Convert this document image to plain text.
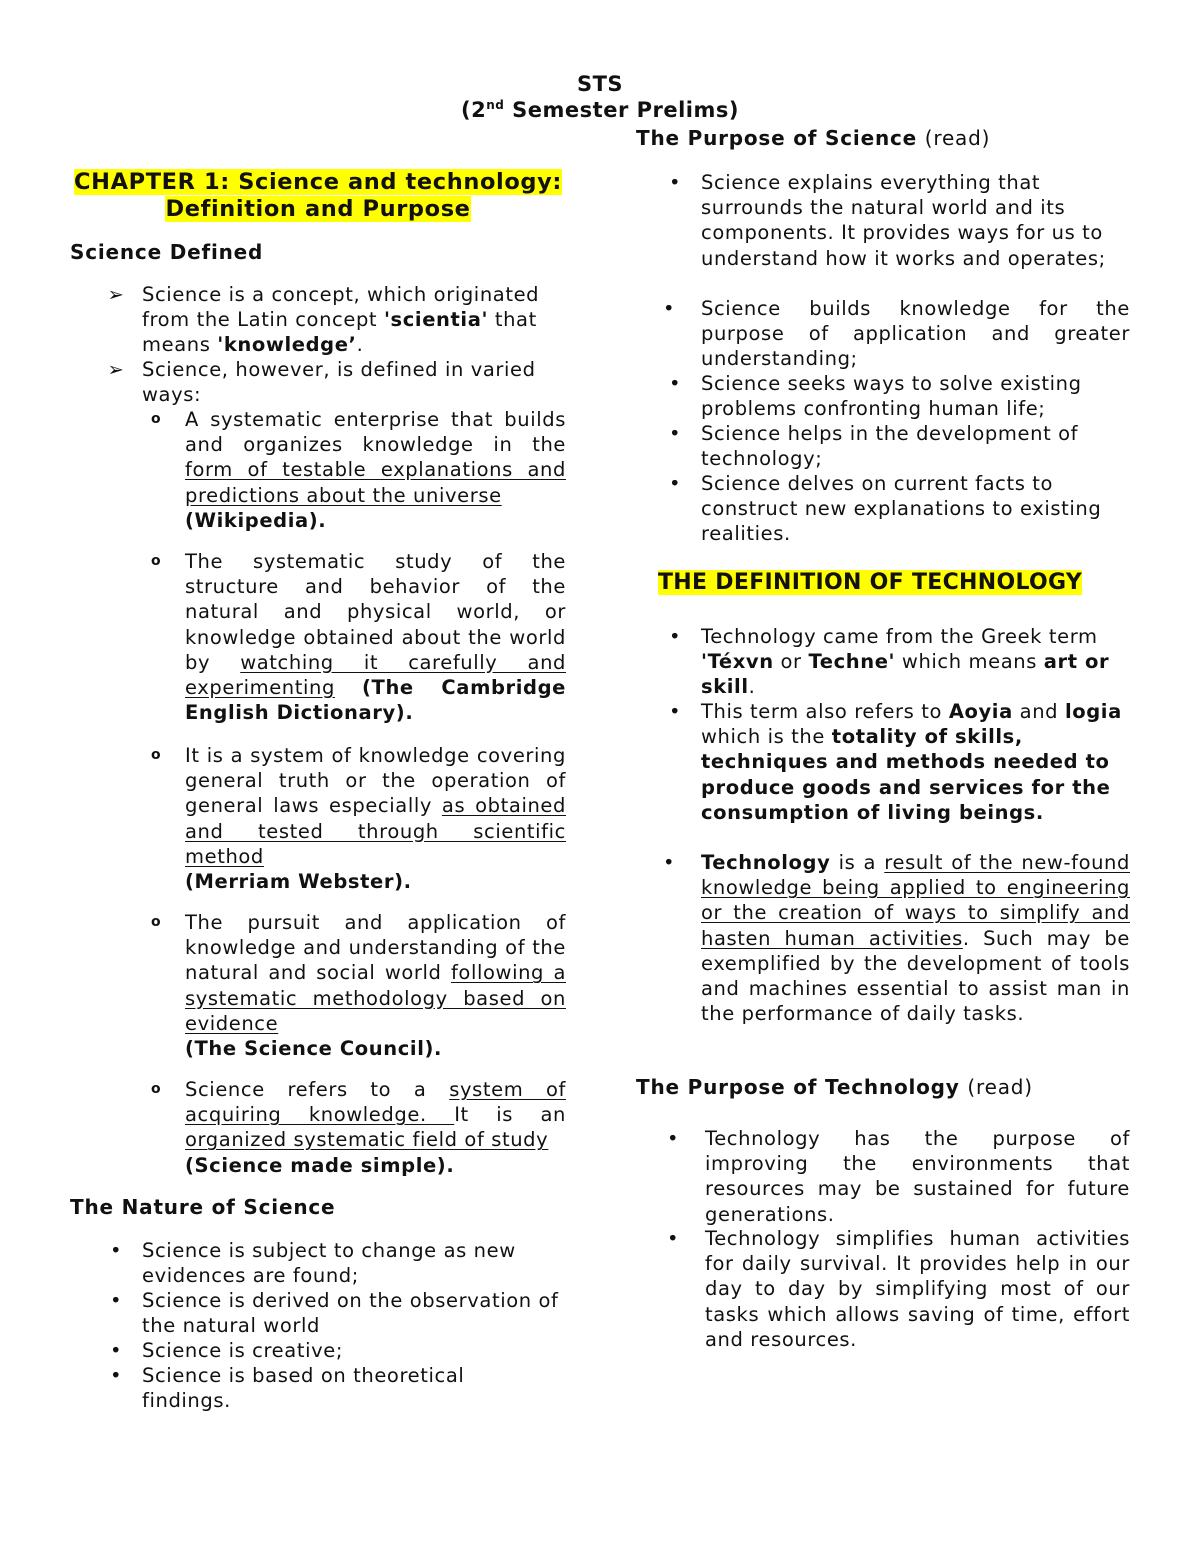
STS
(2nd Semester Prelims)
CHAPTER 1: Science and technology:
Definition and Purpose
Science Defined
➢ Science is a concept, which originated from the Latin concept 'scientia' that means 'knowledge’.
➢ Science, however, is defined in varied ways:
o	A systematic enterprise that builds and organizes knowledge in the form of testable explanations and predictions about the universe
(Wikipedia).
o	The systematic study of the structure and behavior of the natural and physical world, or knowledge obtained about the world by watching it carefully and experimenting (The Cambridge English Dictionary).
o	It is a system of knowledge covering general truth or the operation of general laws especially as obtained and tested through scientific method
(Merriam Webster).
o	The pursuit and application of knowledge and understanding of the natural and social world following a systematic methodology based on evidence
(The Science Council).
o	Science refers to a system of acquiring knowledge. It is an organized systematic field of study
(Science made simple).
The Nature of Science
•	Science is subject to change as new evidences are found;
•	Science is derived on the observation of the natural world
•	Science is creative;
•	Science is based on theoretical findings.
The Purpose of Science (read)
•	Science explains everything that surrounds the natural world and its components. It provides ways for us to understand how it works and operates;
•	Science builds knowledge for the purpose of application and greater understanding;
•	Science seeks ways to solve existing problems confronting human life;
•	Science helps in the development of technology;
•	Science delves on current facts to construct new explanations to existing realities.
THE DEFINITION OF TECHNOLOGY
•	Technology came from the Greek term 'Téxvn or Techne' which means art or skill.
•	This term also refers to Aoyia and logia which is the totality of skills, techniques and methods needed to produce goods and services for the consumption of living beings.
•	Technology is a result of the new-found knowledge being applied to engineering or the creation of ways to simplify and hasten human activities. Such may be exemplified by the development of tools and machines essential to assist man in the performance of daily tasks.
The Purpose of Technology (read)
•	Technology has the purpose of improving the environments that resources may be sustained for future generations.
•	Technology simplifies human activities for daily survival. It provides help in our day to day by simplifying most of our tasks which allows saving of time, effort and resources.
